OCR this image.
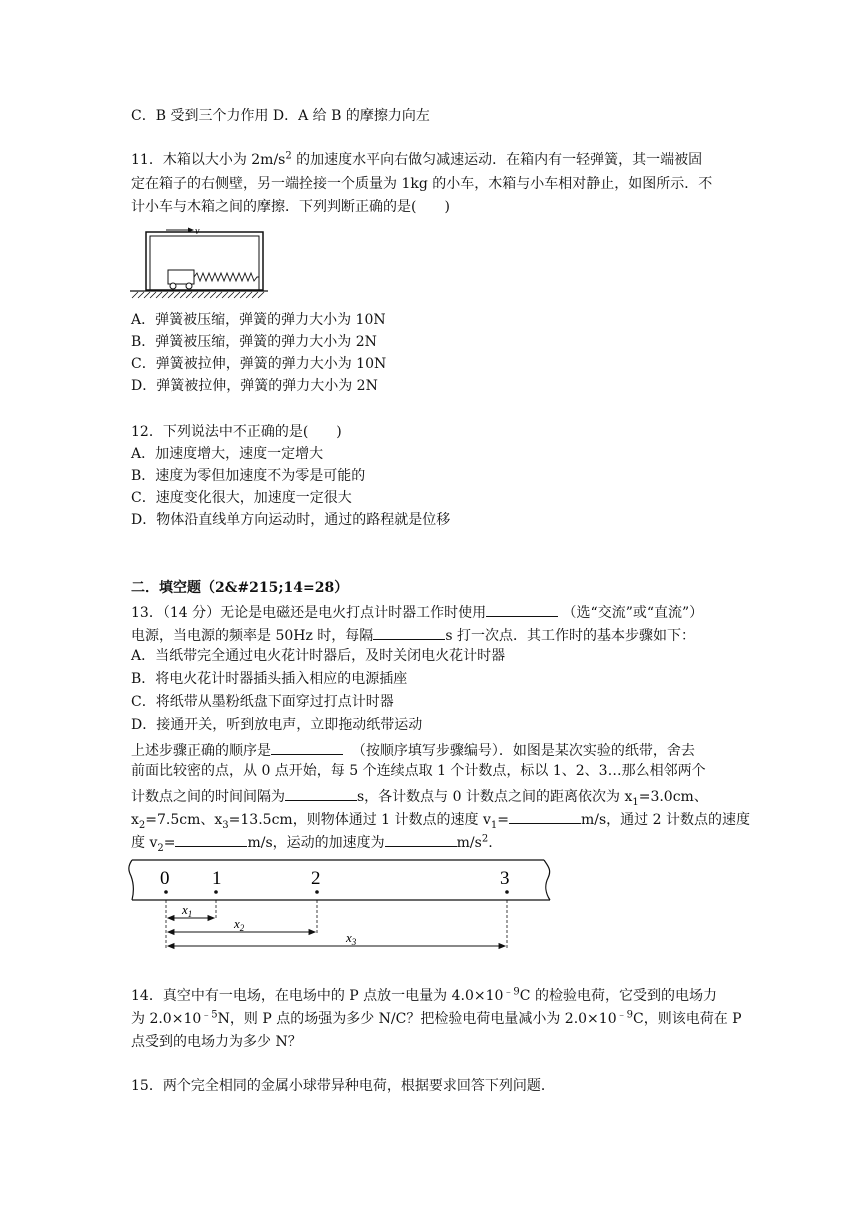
C．B 受到三个力作用 D．A 给 B 的摩擦力向左
11．木箱以大小为 $2m/s^2$ 的加速度水平向右做匀减速运动．在箱内有一轻弹簧，其一端被固
定在箱子的右侧壁，另一端拴接一个质量为 1kg 的小车，木箱与小车相对静止，如图所示．不
计小车与木箱之间的摩擦．下列判断正确的是(　　)
v
A．弹簧被压缩，弹簧的弹力大小为 10N
B．弹簧被压缩，弹簧的弹力大小为 2N
C．弹簧被拉伸，弹簧的弹力大小为 10N
D．弹簧被拉伸，弹簧的弹力大小为 2N
12．下列说法中不正确的是(　　)
A．加速度增大，速度一定增大
B．速度为零但加速度不为零是可能的
C．速度变化很大，加速度一定很大
D．物体沿直线单方向运动时，通过的路程就是位移
二．填空题（2&#215;14=28）
13．（14 分）无论是电磁还是电火打点计时器工作时使用	（选“交流”或“直流”）
电源，当电源的频率是 50Hz 时，每隔	s 打一次点．其工作时的基本步骤如下：
A．当纸带完全通过电火花计时器后，及时关闭电火花计时器
B．将电火花计时器插头插入相应的电源插座
C．将纸带从墨粉纸盘下面穿过打点计时器
D．接通开关，听到放电声，立即拖动纸带运动
上述步骤正确的顺序是	（按顺序填写步骤编号）．如图是某次实验的纸带，舍去
前面比较密的点，从 0 点开始，每 5 个连续点取 1 个计数点，标以 1、2、3…那么相邻两个
计数点之间的时间间隔为	s，各计数点与 0 计数点之间的距离依次为 $x_1=3.0cm$、
$x_2=7.5cm$、$x_3=13.5cm$，则物体通过 1 计数点的速度 $v_1=$	m/s，通过 2 计数点的速度
度 $v_2=$	m/s，运动的加速度为	$m/s^2$.
0 1	2	3
$x_1$
$x_2$
$x_3$
14．真空中有一电场，在电场中的 P 点放一电量为 $4.0\times 10^{﹣9}C$ 的检验电荷，它受到的电场力
为 $2.0\times 10^{﹣5}N$，则 P 点的场强为多少 N/C？把检验电荷电量减小为 $2.0\times 10^{﹣9}C$，则该电荷在 P
点受到的电场力为多少 N？
15．两个完全相同的金属小球带异种电荷，根据要求回答下列问题．
